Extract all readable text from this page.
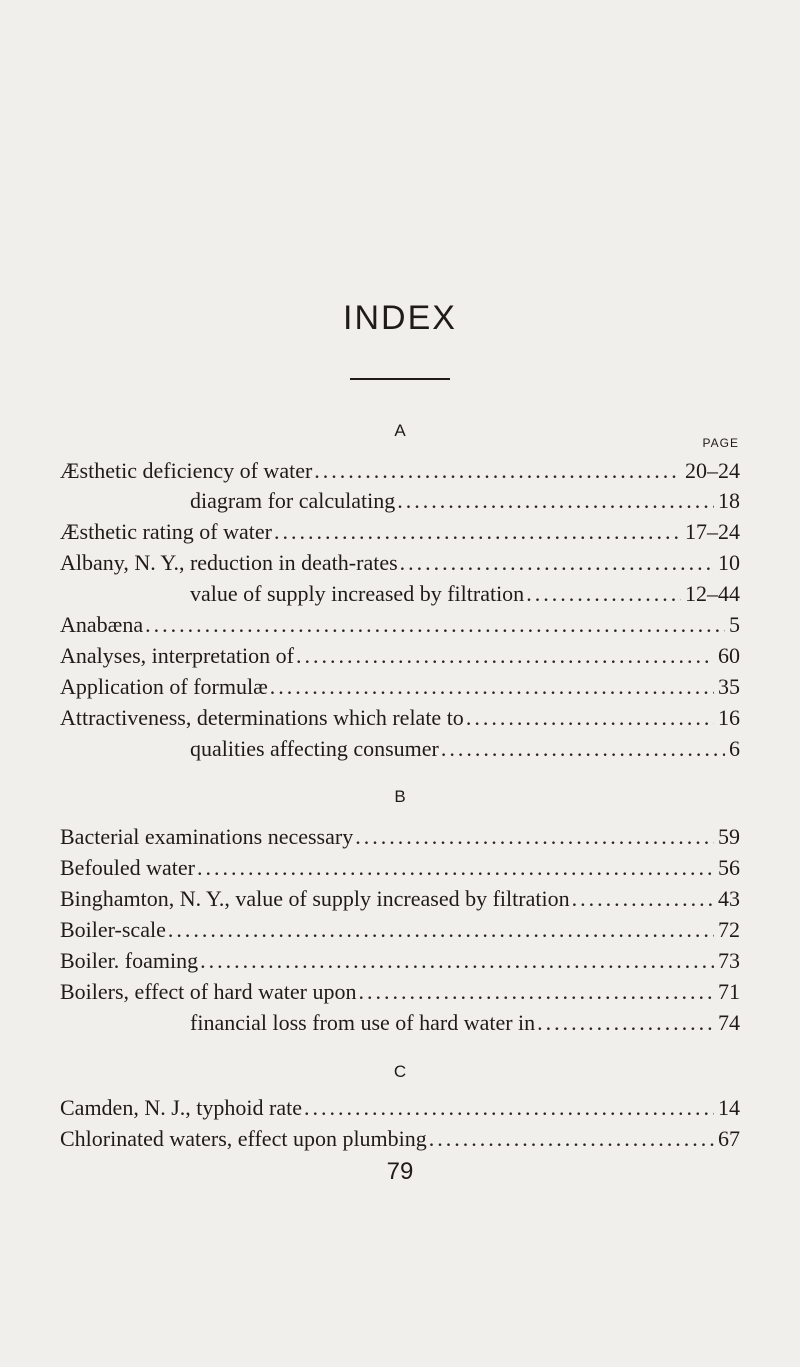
INDEX
A
PAGE
Æsthetic deficiency of water .....	20–24
diagram for calculating .....	18
Æsthetic rating of water .....	17–24
Albany, N. Y., reduction in death-rates .....	10
value of supply increased by filtration .....	12–44
Anabæna .....	5
Analyses, interpretation of .....	60
Application of formulæ .....	35
Attractiveness, determinations which relate to .....	16
qualities affecting consumer .....	6
B
Bacterial examinations necessary .....	59
Befouled water .....	56
Binghamton, N. Y., value of supply increased by filtration .....	43
Boiler-scale .....	72
Boiler. foaming .....	73
Boilers, effect of hard water upon .....	71
financial loss from use of hard water in .....	74
C
Camden, N. J., typhoid rate .....	14
Chlorinated waters, effect upon plumbing .....	67
79
